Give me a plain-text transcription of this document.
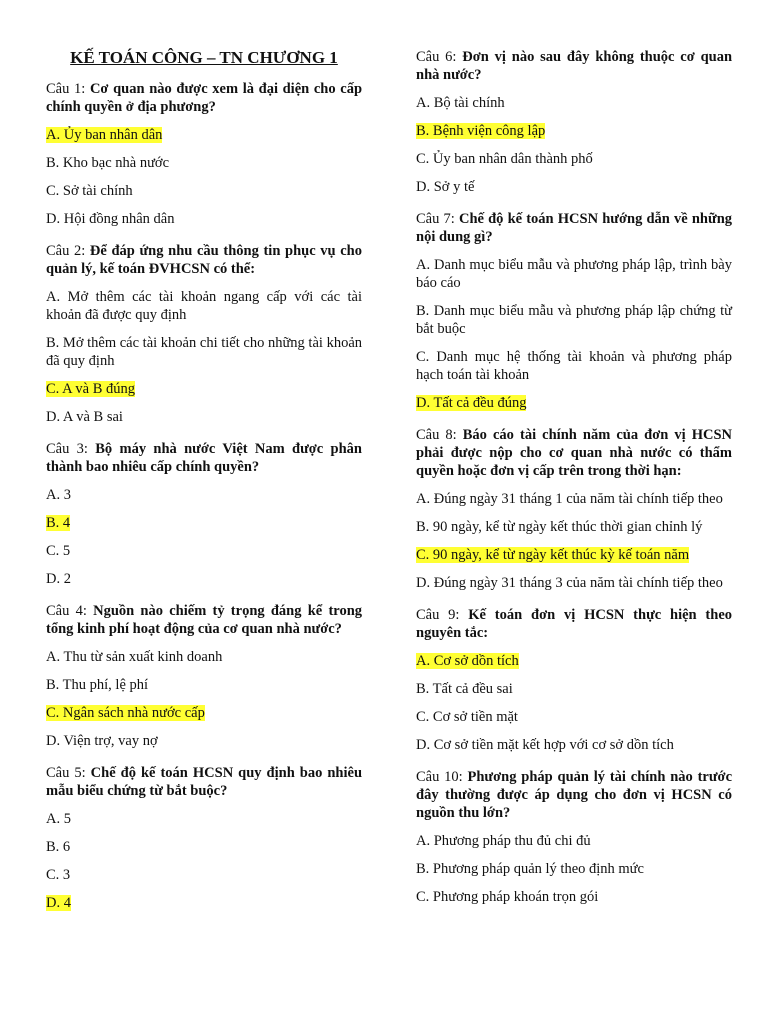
KẾ TOÁN CÔNG – TN CHƯƠNG 1
Câu 1: Cơ quan nào được xem là đại diện cho cấp chính quyền ở địa phương?
A. Ủy ban nhân dân
B. Kho bạc nhà nước
C. Sở tài chính
D. Hội đồng nhân dân
Câu 2: Để đáp ứng nhu cầu thông tin phục vụ cho quản lý, kế toán ĐVHCSN có thể:
A. Mở thêm các tài khoản ngang cấp với các tài khoản đã được quy định
B. Mở thêm các tài khoản chi tiết cho những tài khoản đã quy định
C. A và B đúng
D. A và B sai
Câu 3: Bộ máy nhà nước Việt Nam được phân thành bao nhiêu cấp chính quyền?
A. 3
B. 4
C. 5
D. 2
Câu 4: Nguồn nào chiếm tỷ trọng đáng kể trong tổng kinh phí hoạt động của cơ quan nhà nước?
A. Thu từ sản xuất kinh doanh
B. Thu phí, lệ phí
C. Ngân sách nhà nước cấp
D. Viện trợ, vay nợ
Câu 5: Chế độ kế toán HCSN quy định bao nhiêu mẫu biểu chứng từ bắt buộc?
A. 5
B. 6
C. 3
D. 4
Câu 6: Đơn vị nào sau đây không thuộc cơ quan nhà nước?
A. Bộ tài chính
B. Bệnh viện công lập
C. Ủy ban nhân dân thành phố
D. Sở y tế
Câu 7: Chế độ kế toán HCSN hướng dẫn về những nội dung gì?
A. Danh mục biểu mẫu và phương pháp lập, trình bày báo cáo
B. Danh mục biểu mẫu và phương pháp lập chứng từ bắt buộc
C. Danh mục hệ thống tài khoản và phương pháp hạch toán tài khoản
D. Tất cả đều đúng
Câu 8: Báo cáo tài chính năm của đơn vị HCSN phải được nộp cho cơ quan nhà nước có thẩm quyền hoặc đơn vị cấp trên trong thời hạn:
A. Đúng ngày 31 tháng 1 của năm tài chính tiếp theo
B. 90 ngày, kể từ ngày kết thúc thời gian chỉnh lý
C. 90 ngày, kể từ ngày kết thúc kỳ kế toán năm
D. Đúng ngày 31 tháng 3 của năm tài chính tiếp theo
Câu 9: Kế toán đơn vị HCSN thực hiện theo nguyên tắc:
A. Cơ sở dồn tích
B. Tất cả đều sai
C. Cơ sở tiền mặt
D. Cơ sở tiền mặt kết hợp với cơ sở dồn tích
Câu 10: Phương pháp quản lý tài chính nào trước đây thường được áp dụng cho đơn vị HCSN có nguồn thu lớn?
A. Phương pháp thu đủ chi đủ
B. Phương pháp quản lý theo định mức
C. Phương pháp khoán trọn gói
